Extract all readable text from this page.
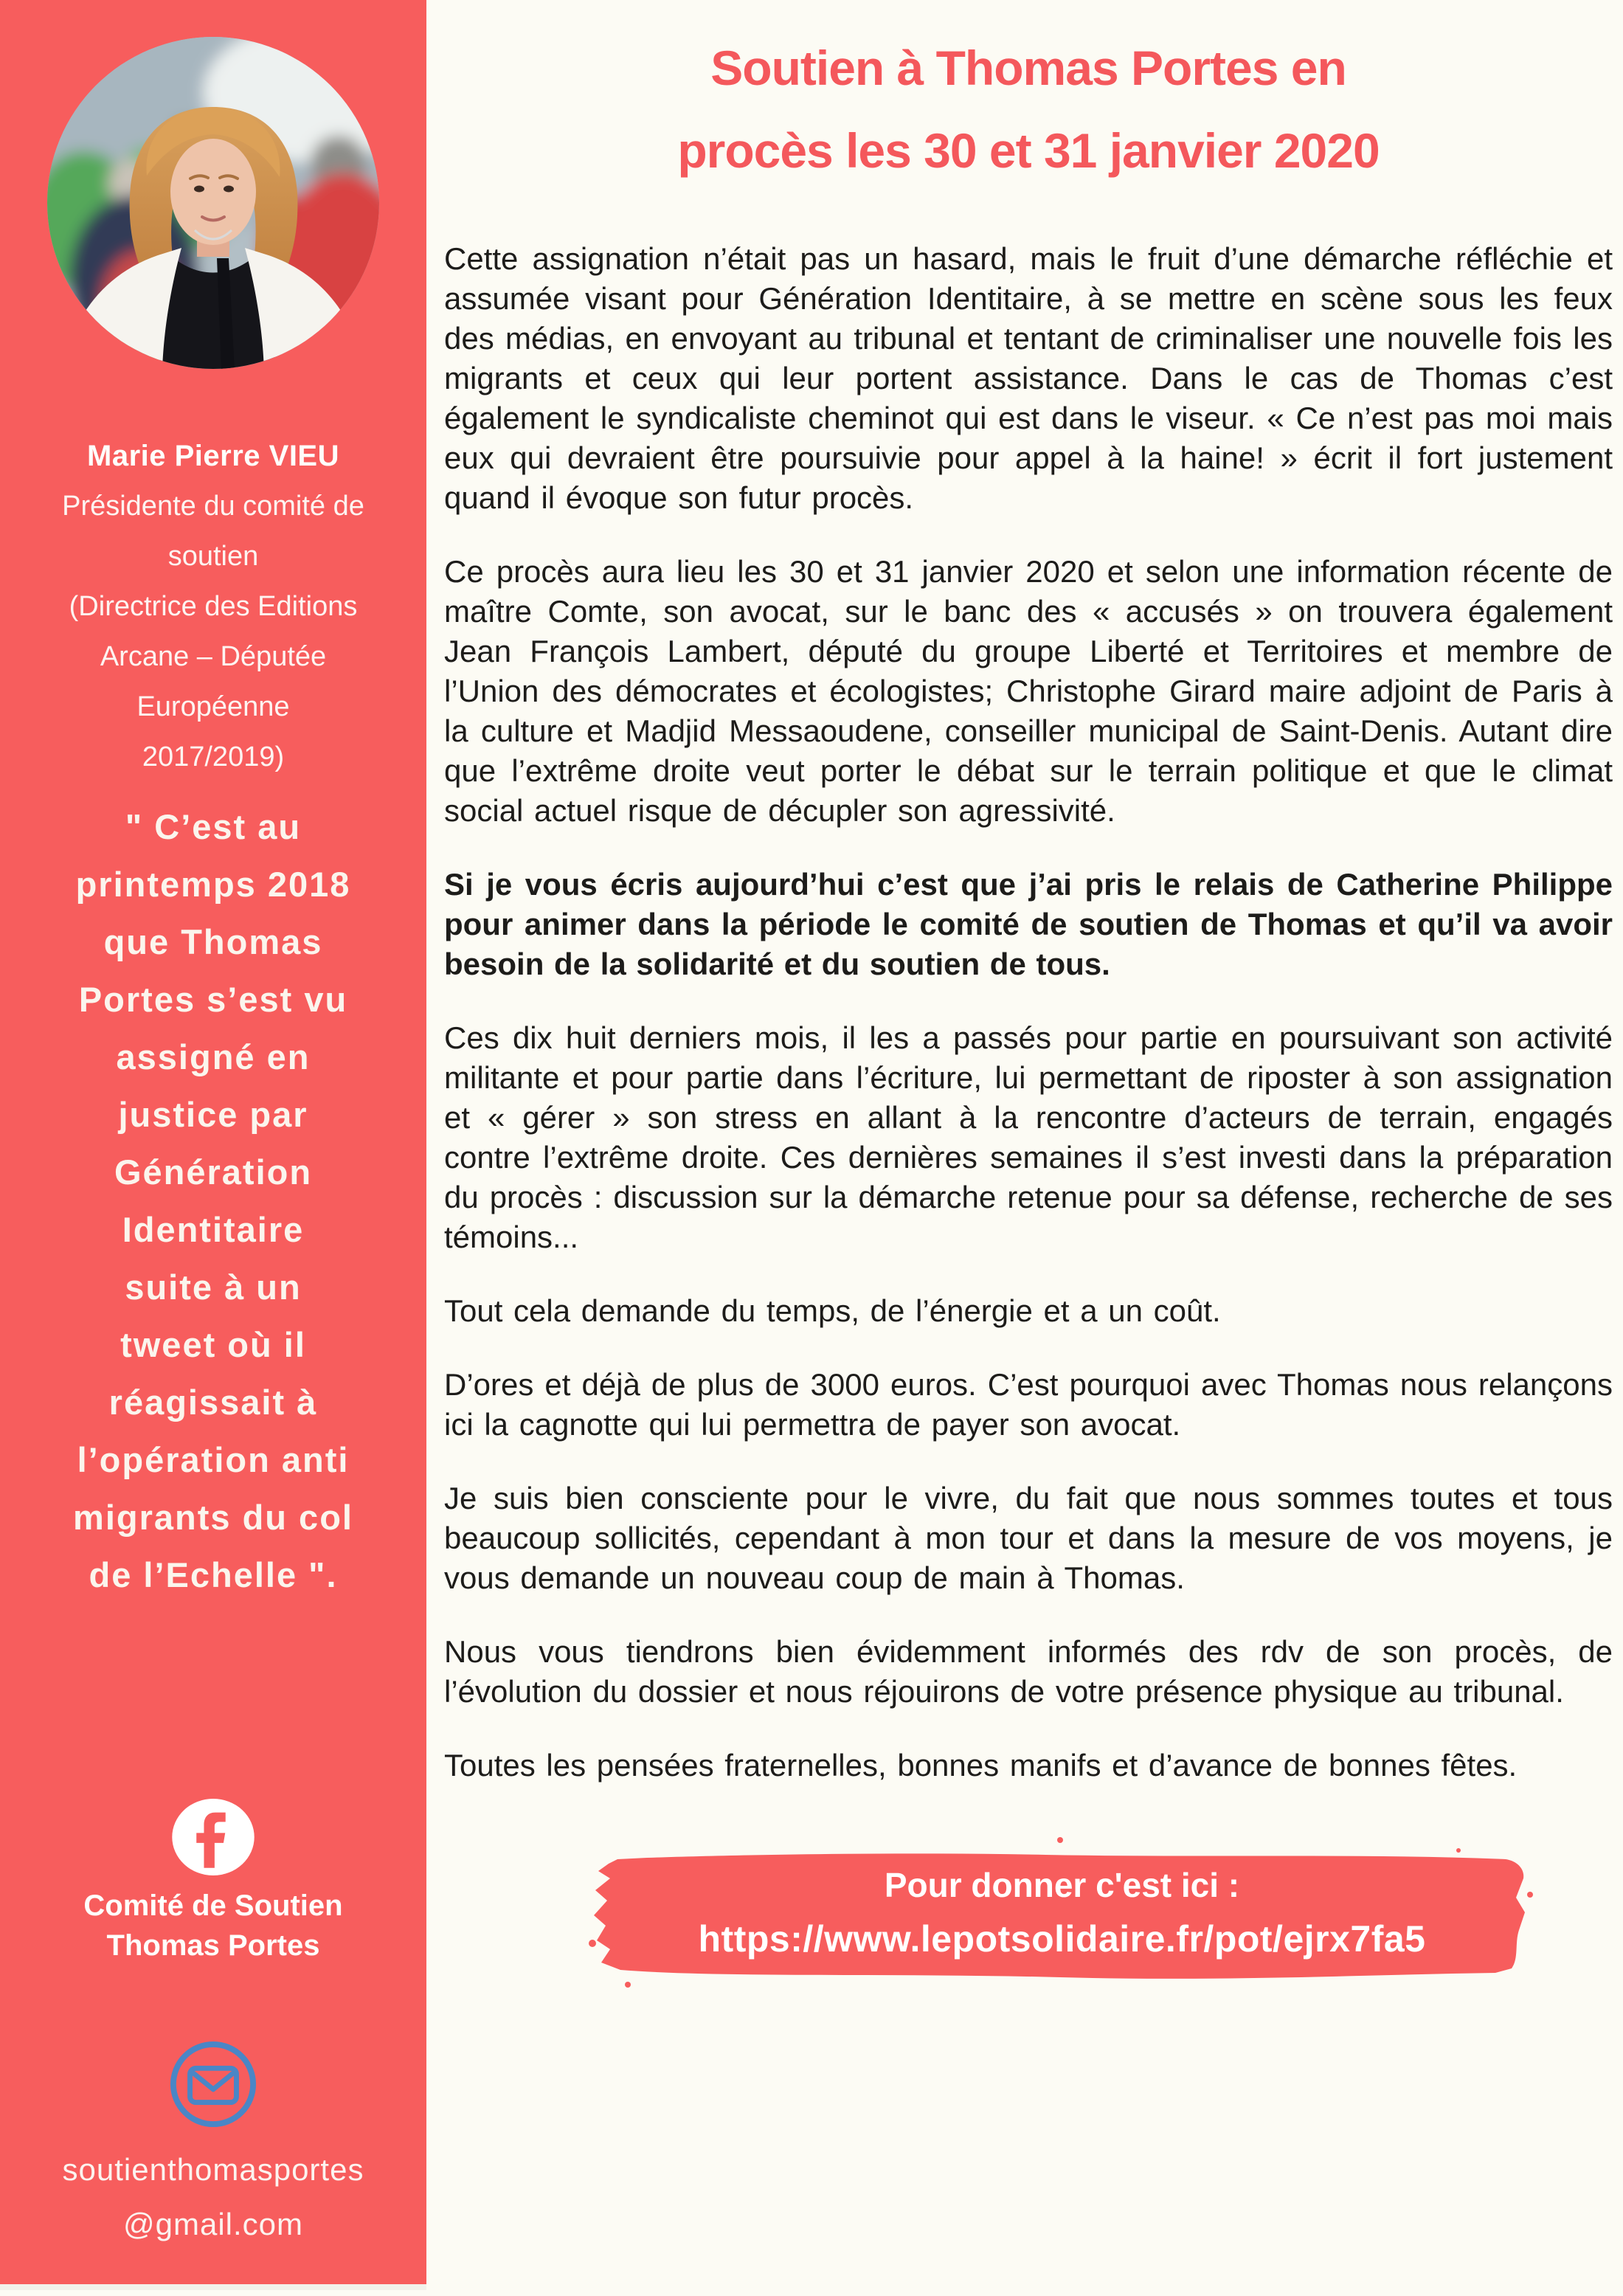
Marie Pierre VIEU
Présidente du comité de
soutien
(Directrice des Editions
Arcane – Députée
Européenne
2017/2019)
" C’est au
printemps 2018
que Thomas
Portes s’est vu
assigné en
justice par
Génération
Identitaire
suite à un
tweet où il
réagissait à
l’opération anti
migrants du col
de l’Echelle ".
Comité de Soutien
Thomas Portes
soutienthomasportes
@gmail.com
Soutien à Thomas Portes en
procès les 30 et 31 janvier 2020

Cette assignation n’était pas un hasard, mais le fruit d’une démarche réfléchie et assumée visant pour Génération Identitaire, à se mettre en scène sous les feux des médias, en envoyant au tribunal et tentant de criminaliser une nouvelle fois les migrants et ceux qui leur portent assistance. Dans le cas de Thomas c’est également le syndicaliste cheminot qui est dans le viseur. « Ce n’est pas moi mais eux qui devraient être poursuivie pour appel à la haine! » écrit il fort justement quand il évoque son futur procès.

Ce procès aura lieu les 30 et 31 janvier 2020 et selon une information récente de maître Comte, son avocat, sur le banc des « accusés » on trouvera également Jean François Lambert, député du groupe Liberté et Territoires et membre de l’Union des démocrates et écologistes; Christophe Girard maire adjoint de Paris à la culture et Madjid Messaoudene, conseiller municipal de Saint-Denis. Autant dire que l’extrême droite veut porter le débat sur le terrain politique et que le climat social actuel risque de décupler son agressivité.

Si je vous écris aujourd’hui c’est que j’ai pris le relais de Catherine Philippe pour animer dans la période le comité de soutien de Thomas et qu’il va avoir besoin de la solidarité et du soutien de tous.

Ces dix huit derniers mois, il les a passés pour partie en poursuivant son activité militante et pour partie dans l’écriture, lui permettant de riposter à son assignation et « gérer » son stress en allant à la rencontre d’acteurs de terrain, engagés contre l’extrême droite. Ces dernières semaines il s’est investi dans la préparation du procès : discussion sur la démarche retenue pour sa défense, recherche de ses témoins...

Tout cela demande du temps, de l’énergie et a un coût.

D’ores et déjà de plus de 3000 euros. C’est pourquoi avec Thomas nous relançons ici la cagnotte qui lui permettra de payer son avocat.

Je suis bien consciente pour le vivre, du fait que nous sommes toutes et tous beaucoup sollicités, cependant à mon tour et dans la mesure de vos moyens, je vous demande un nouveau coup de main à Thomas.

Nous vous tiendrons bien évidemment informés des rdv de son procès, de l’évolution du dossier et nous réjouirons de votre présence physique au tribunal.

Toutes les pensées fraternelles, bonnes manifs et d’avance de bonnes fêtes.

Pour donner c'est ici :
https://www.lepotsolidaire.fr/pot/ejrx7fa5
